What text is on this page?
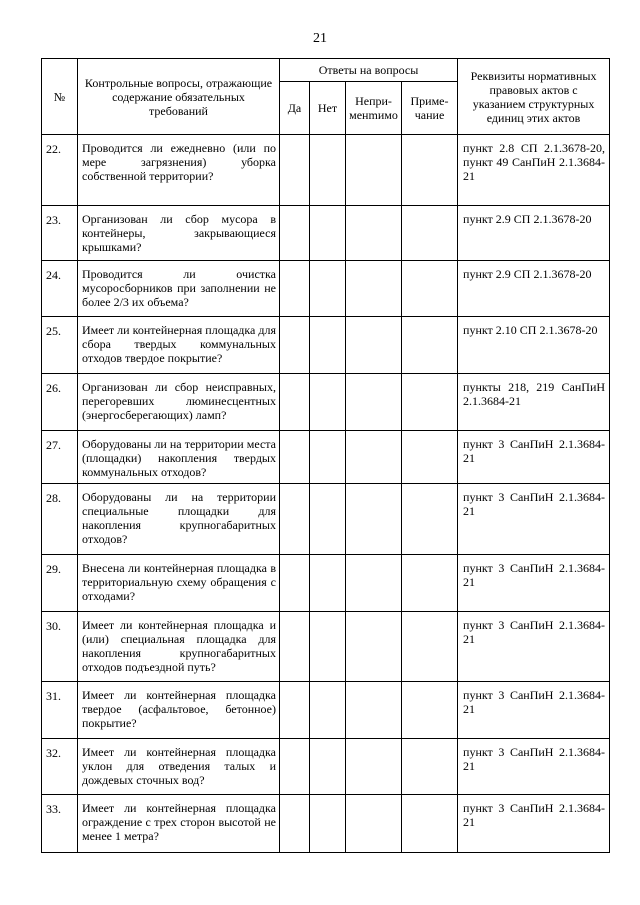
21
№	Контрольные вопросы, отражающие содержание обязательных требований	Ответы на вопросы				Реквизиты нормативных правовых актов с указанием структурных единиц этих актов
		Да	Нет	Непри-менmимо	Приме-чание	
22.	Проводится ли ежедневно (или по мере загрязнения) уборка собственной территории?					пункт 2.8 СП 2.1.3678-20, пункт 49 СанПиН 2.1.3684-21
23.	Организован ли сбор мусора в контейнеры, закрывающиеся крышками?					пункт 2.9 СП 2.1.3678-20
24.	Проводится ли очистка мусоросборников при заполнении не более 2/3 их объема?					пункт 2.9 СП 2.1.3678-20
25.	Имеет ли контейнерная площадка для сбора твердых коммунальных отходов твердое покрытие?					пункт 2.10 СП 2.1.3678-20
26.	Организован ли сбор неисправных, перегоревших люминесцентных (энергосберегающих) ламп?					пункты 218, 219 СанПиН 2.1.3684-21
27.	Оборудованы ли на территории места (площадки) накопления твердых коммунальных отходов?					пункт 3 СанПиН 2.1.3684-21
28.	Оборудованы ли на территории специальные площадки для накопления крупногабаритных отходов?					пункт 3 СанПиН 2.1.3684-21
29.	Внесена ли контейнерная площадка в территориальную схему обращения с отходами?					пункт 3 СанПиН 2.1.3684-21
30.	Имеет ли контейнерная площадка и (или) специальная площадка для накопления крупногабаритных отходов подъездной путь?					пункт 3 СанПиН 2.1.3684-21
31.	Имеет ли контейнерная площадка твердое (асфальтовое, бетонное) покрытие?					пункт 3 СанПиН 2.1.3684-21
32.	Имеет ли контейнерная площадка уклон для отведения талых и дождевых сточных вод?					пункт 3 СанПиН 2.1.3684-21
33.	Имеет ли контейнерная площадка ограждение с трех сторон высотой не менее 1 метра?					пункт 3 СанПиН 2.1.3684-21
